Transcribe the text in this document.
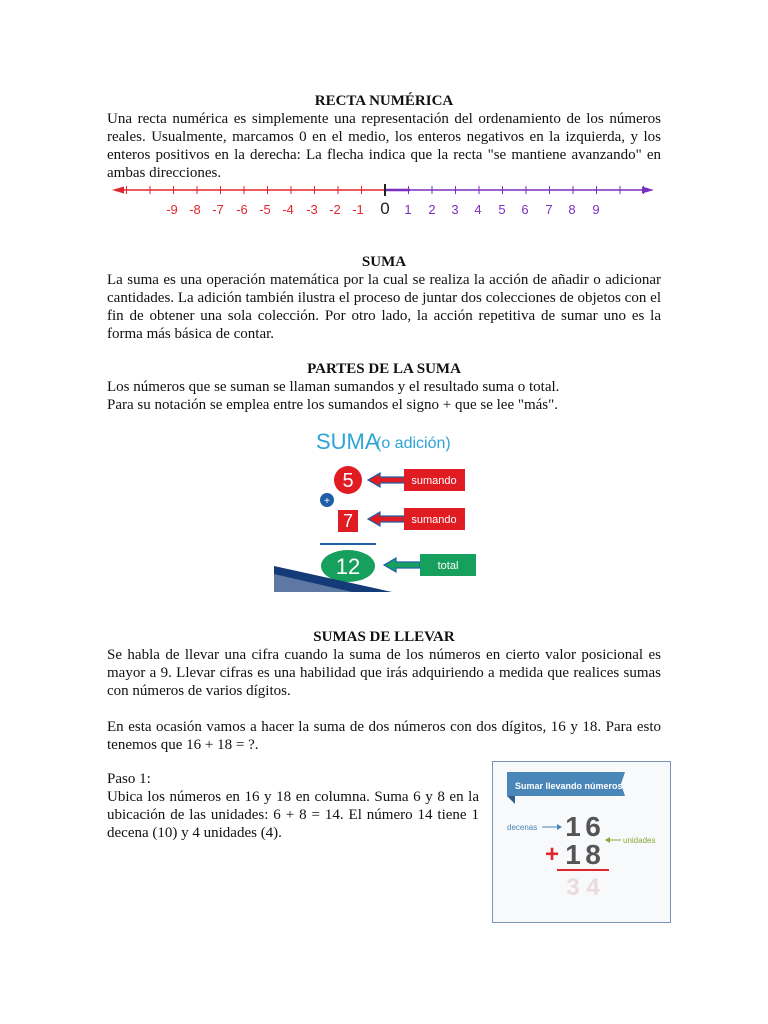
RECTA NUMÉRICA

Una recta numérica es simplemente una representación del ordenamiento de los números reales. Usualmente, marcamos 0 en el medio, los enteros negativos en la izquierda, y los enteros positivos en la derecha: La flecha indica que la recta "se mantiene avanzando" en ambas direcciones.

-9 -8 -7 -6 -5 -4 -3 -2 -1 0 1 2 3 4 5 6 7 8 9
SUMA

La suma es una operación matemática por la cual se realiza la acción de añadir o adicionar cantidades. La adición también ilustra el proceso de juntar dos colecciones de objetos con el fin de obtener una sola colección. Por otro lado, la acción repetitiva de sumar uno es la forma más básica de contar.

PARTES DE LA SUMA

Los números que se suman se llaman sumandos y el resultado suma o total.
Para su notación se emplea entre los sumandos el signo + que se lee "más".

SUMA
(o adición)
5	sumando
+
7	sumando
12	total
SUMAS DE LLEVAR

Se habla de llevar una cifra cuando la suma de los números en cierto valor posicional es mayor a 9. Llevar cifras es una habilidad que irás adquiriendo a medida que realices sumas con números de varios dígitos.

En esta ocasión vamos a hacer la suma de dos números con dos dígitos, 16 y 18. Para esto tenemos que 16 + 18 = ?.

Paso 1:
Ubica los números en 16 y 18 en columna. Suma 6 y 8 en la ubicación de las unidades: 6 + 8 = 14. El número 14 tiene 1 decena (10) y 4 unidades (4).

Sumar llevando números
decenas 1 6	unidades
+ 1 8
3 4
